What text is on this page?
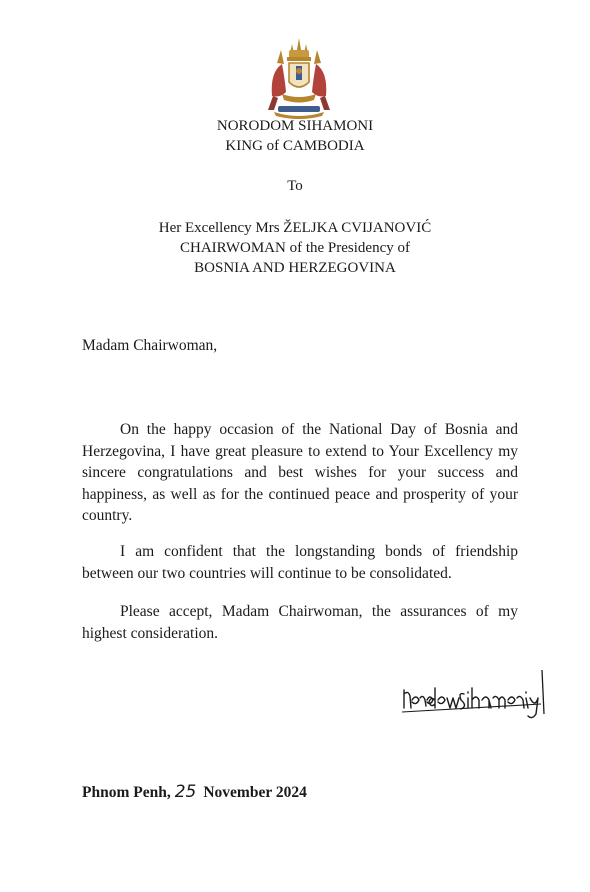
NORODOM SIHAMONI
KING of CAMBODIA
To
Her Excellency Mrs ŽELJKA CVIJANOVIĆ
CHAIRWOMAN of the Presidency of
BOSNIA AND HERZEGOVINA
Madam Chairwoman,
On the happy occasion of the National Day of Bosnia and Herzegovina, I have great pleasure to extend to Your Excellency my sincere congratulations and best wishes for your success and happiness, as well as for the continued peace and prosperity of your country.
I am confident that the longstanding bonds of friendship between our two countries will continue to be consolidated.
Please accept, Madam Chairwoman, the assurances of my highest consideration.
Phnom Penh, 25 November 2024
